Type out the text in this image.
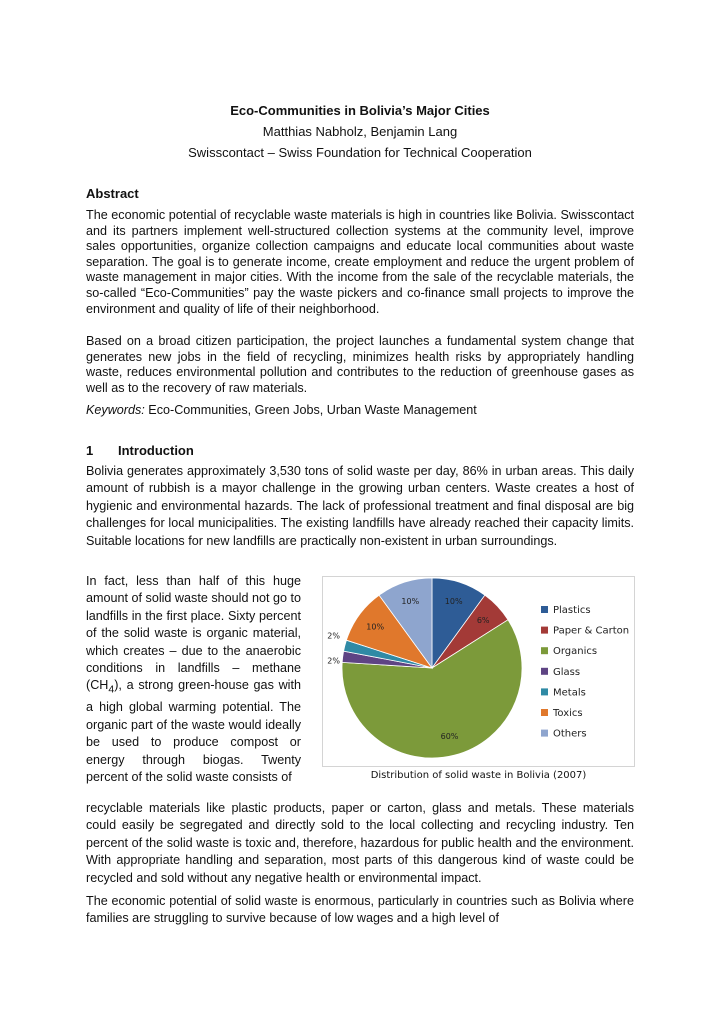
Eco-Communities in Bolivia’s Major Cities
Matthias Nabholz, Benjamin Lang
Swisscontact – Swiss Foundation for Technical Cooperation
Abstract

The economic potential of recyclable waste materials is high in countries like Bolivia. Swisscontact and its partners implement well-structured collection systems at the community level, improve sales opportunities, organize collection campaigns and educate local communities about waste separation. The goal is to generate income, create employment and reduce the urgent problem of waste management in major cities. With the income from the sale of the recyclable materials, the so-called “Eco-Communities” pay the waste pickers and co-finance small projects to improve the environment and quality of life of their neighborhood.

Based on a broad citizen participation, the project launches a fundamental system change that generates new jobs in the field of recycling, minimizes health risks by appropriately handling waste, reduces environmental pollution and contributes to the reduction of greenhouse gases as well as to the recovery of raw materials.

Keywords: Eco-Communities, Green Jobs, Urban Waste Management
1 Introduction

Bolivia generates approximately 3,530 tons of solid waste per day, 86% in urban areas. This daily amount of rubbish is a mayor challenge in the growing urban centers. Waste creates a host of hygienic and environmental hazards. The lack of professional treatment and final disposal are big challenges for local municipalities. The existing landfills have already reached their capacity limits. Suitable locations for new landfills are practically non-existent in urban surroundings.

In fact, less than half of this huge amount of solid waste should not go to landfills in the first place. Sixty percent of the solid waste is organic material, which creates – due to the anaerobic conditions in landfills – methane $(CH_4)$, a strong green-house gas with a high global warming potential. The organic part of the waste would ideally be used to produce compost or energy through biogas. Twenty percent of the solid waste consists of

recyclable materials like plastic products, paper or carton, glass and metals. These materials could easily be segregated and directly sold to the local collecting and recycling industry. Ten percent of the solid waste is toxic and, therefore, hazardous for public health and the environment. With appropriate handling and separation, most parts of this dangerous kind of waste could be recycled and sold without any negative health or environmental impact.

The economic potential of solid waste is enormous, particularly in countries such as Bolivia where families are struggling to survive because of low wages and a high level of

10%
6%
60%
2%
2%
10%
10%
Plastics
Paper & Carton
Organics
Glass
Metals
Toxics
Others
Distribution of solid waste in Bolivia (2007)
